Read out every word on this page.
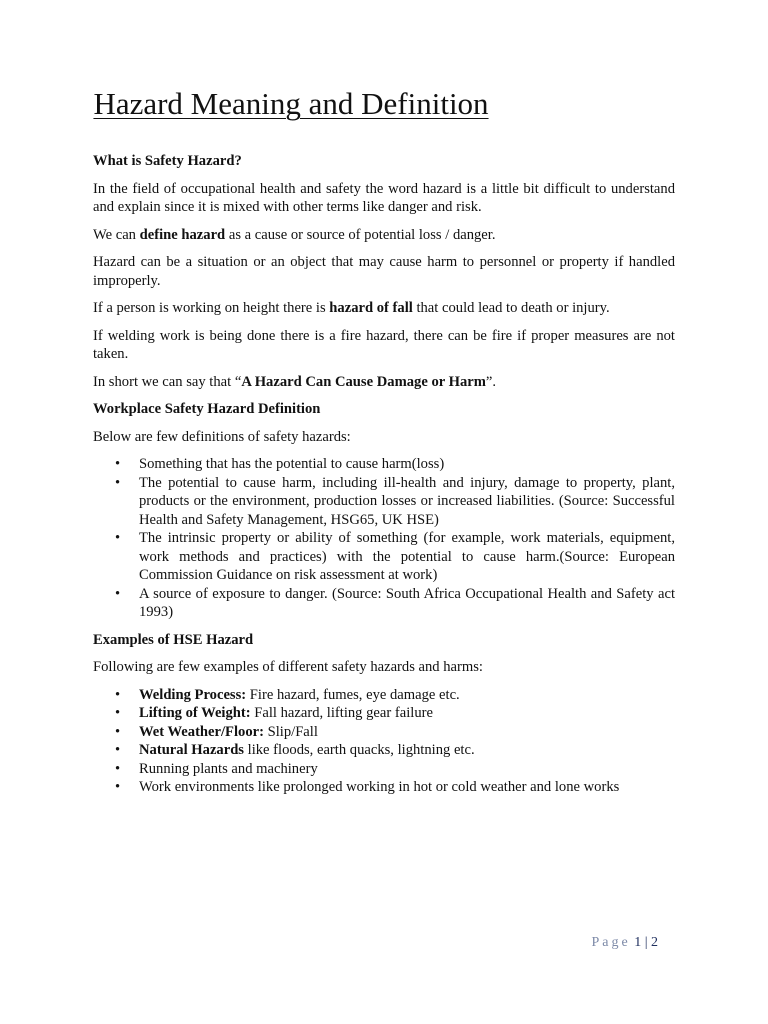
Hazard Meaning and Definition
What is Safety Hazard?

In the field of occupational health and safety the word hazard is a little bit difficult to understand and explain since it is mixed with other terms like danger and risk.

We can define hazard as a cause or source of potential loss / danger.

Hazard can be a situation or an object that may cause harm to personnel or property if handled improperly.

If a person is working on height there is hazard of fall that could lead to death or injury.

If welding work is being done there is a fire hazard, there can be fire if proper measures are not taken.

In short we can say that “A Hazard Can Cause Damage or Harm”.

Workplace Safety Hazard Definition

Below are few definitions of safety hazards:

• Something that has the potential to cause harm(loss)
• The potential to cause harm, including ill-health and injury, damage to property, plant, products or the environment, production losses or increased liabilities. (Source: Successful Health and Safety Management, HSG65, UK HSE)
• The intrinsic property or ability of something (for example, work materials, equipment, work methods and practices) with the potential to cause harm.(Source: European Commission Guidance on risk assessment at work)
• A source of exposure to danger. (Source: South Africa Occupational Health and Safety act 1993)
Examples of HSE Hazard

Following are few examples of different safety hazards and harms:

• Welding Process: Fire hazard, fumes, eye damage etc.
• Lifting of Weight: Fall hazard, lifting gear failure
• Wet Weather/Floor: Slip/Fall
• Natural Hazards like floods, earth quacks, lightning etc.
• Running plants and machinery
• Work environments like prolonged working in hot or cold weather and lone works
Page 1 | 2
